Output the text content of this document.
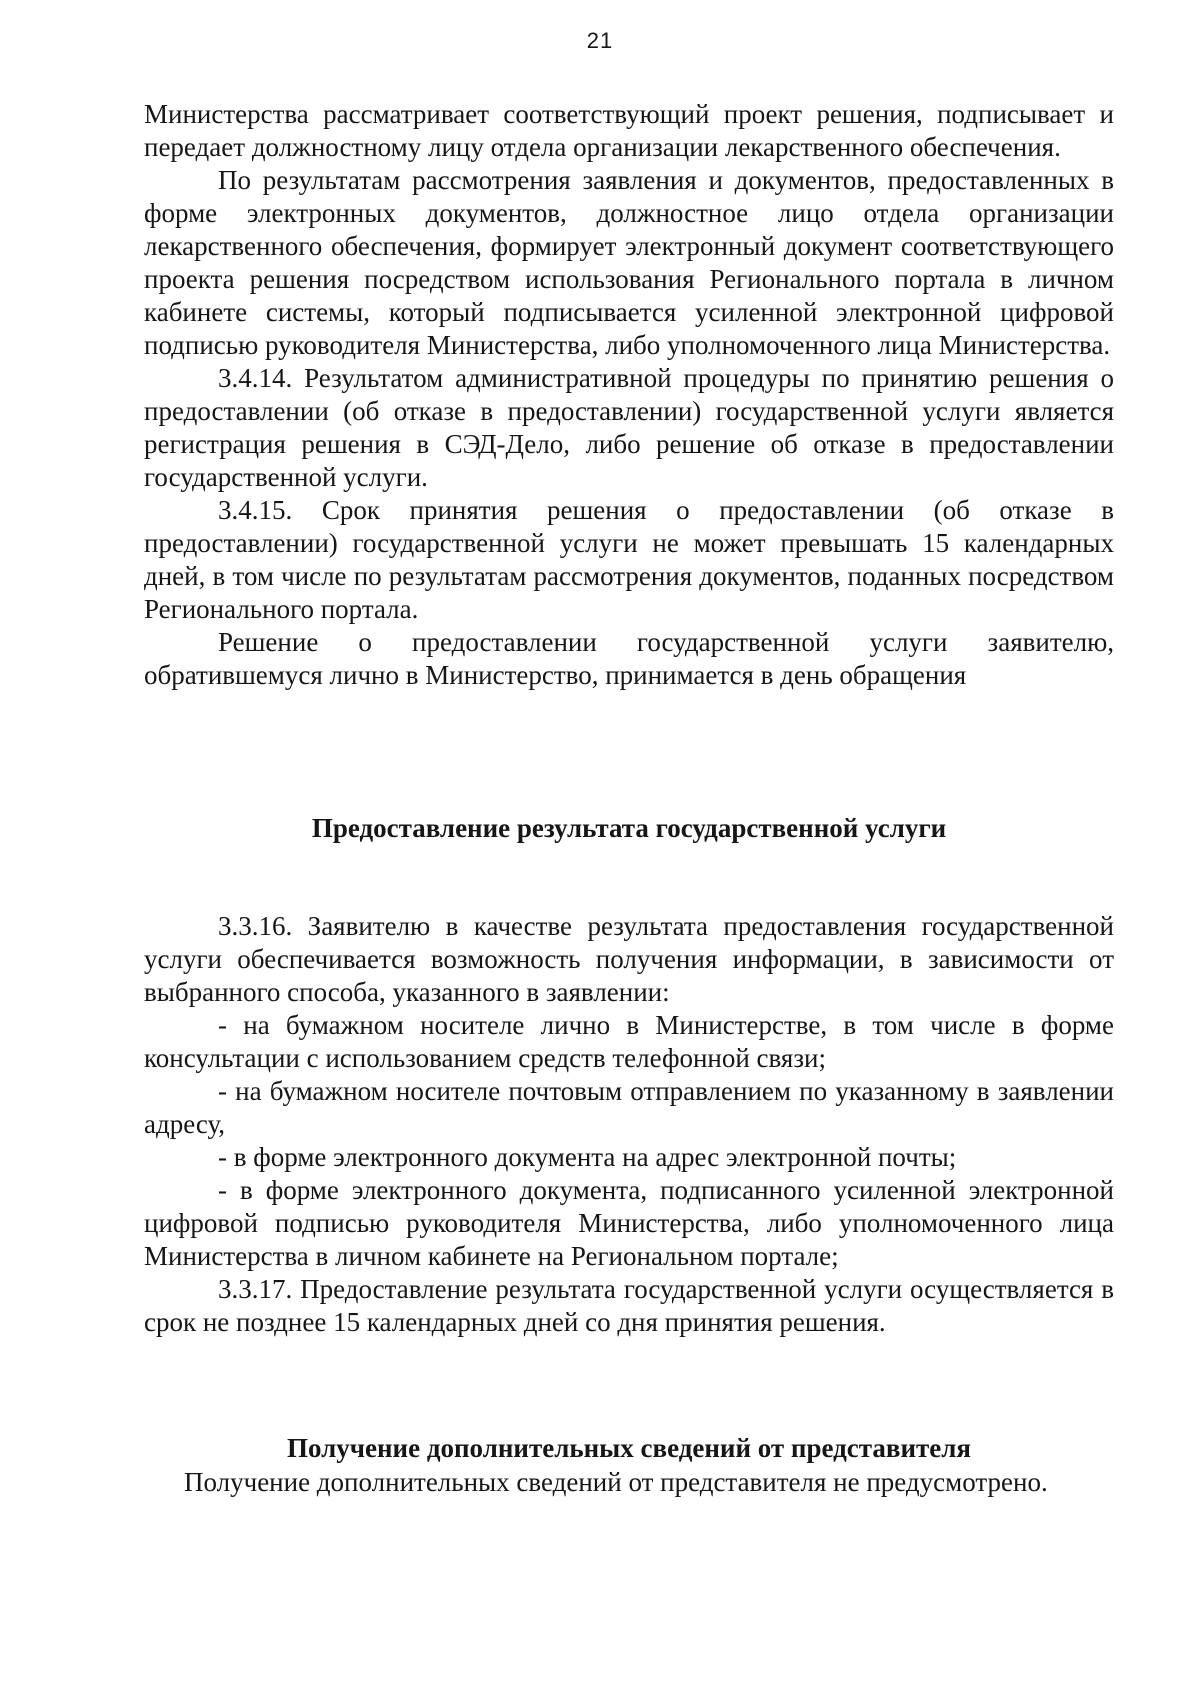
21

Министерства рассматривает соответствующий проект решения, подписывает и передает должностному лицу отдела организации лекарственного обеспечения.

По результатам рассмотрения заявления и документов, предоставленных в форме электронных документов, должностное лицо отдела организации лекарственного обеспечения, формирует электронный документ соответствующего проекта решения посредством использования Регионального портала в личном кабинете системы, который подписывается усиленной электронной цифровой подписью руководителя Министерства, либо уполномоченного лица Министерства.

3.4.14. Результатом административной процедуры по принятию решения о предоставлении (об отказе в предоставлении) государственной услуги является регистрация решения в СЭД-Дело, либо решение об отказе в предоставлении государственной услуги.

3.4.15. Срок принятия решения о предоставлении (об отказе в предоставлении) государственной услуги не может превышать 15 календарных дней, в том числе по результатам рассмотрения документов, поданных посредством Регионального портала.

Решение о предоставлении государственной услуги заявителю, обратившемуся лично в Министерство, принимается в день обращения

Предоставление результата государственной услуги

3.3.16. Заявителю в качестве результата предоставления государственной услуги обеспечивается возможность получения информации, в зависимости от выбранного способа, указанного в заявлении:

- на бумажном носителе лично в Министерстве, в том числе в форме консультации с использованием средств телефонной связи;

- на бумажном носителе почтовым отправлением по указанному в заявлении адресу,

- в форме электронного документа на адрес электронной почты;

- в форме электронного документа, подписанного усиленной электронной цифровой подписью руководителя Министерства, либо уполномоченного лица Министерства в личном кабинете на Региональном портале;

3.3.17. Предоставление результата государственной услуги осуществляется в срок не позднее 15 календарных дней со дня принятия решения.

Получение дополнительных сведений от представителя

Получение дополнительных сведений от представителя не предусмотрено.
